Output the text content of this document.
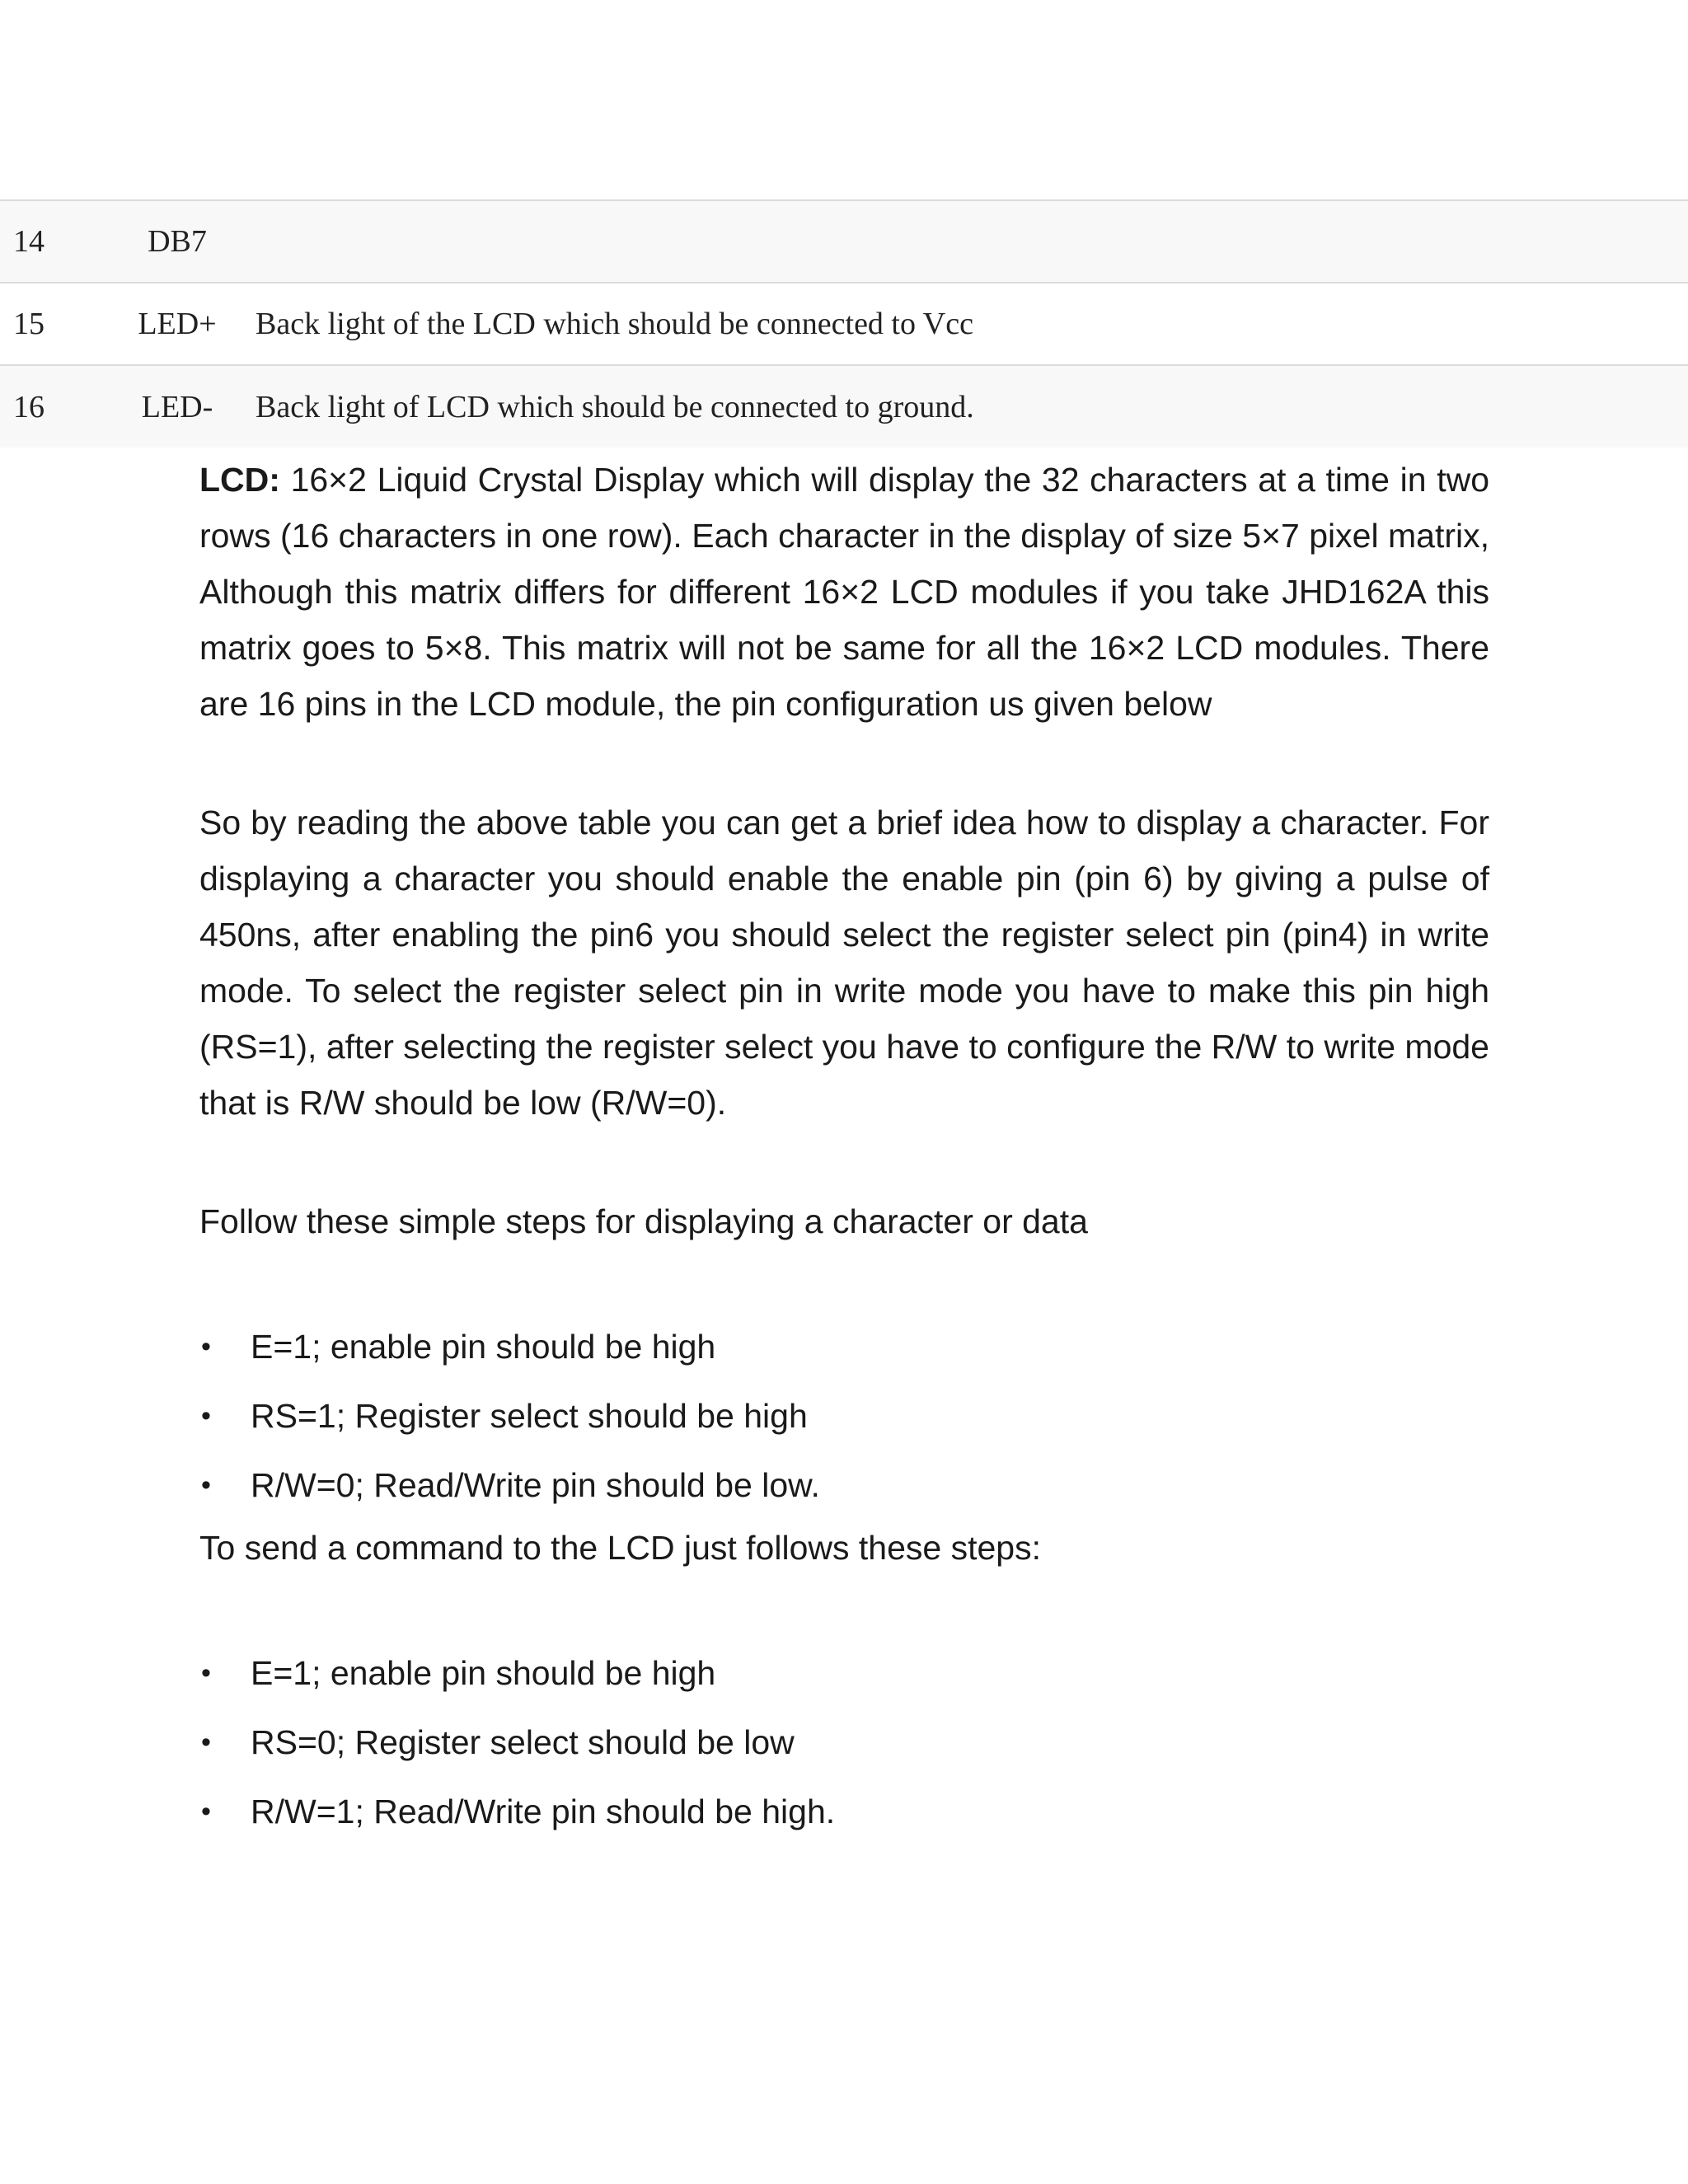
14	DB7	
15	LED+	Back light of the LCD which should be connected to Vcc
16	LED-	Back light of LCD which should be connected to ground.

LCD: 16×2 Liquid Crystal Display which will display the 32 characters at a time in two rows (16 characters in one row). Each character in the display of size 5×7 pixel matrix, Although this matrix differs for different 16×2 LCD modules if you take JHD162A this matrix goes to 5×8. This matrix will not be same for all the 16×2 LCD modules. There are 16 pins in the LCD module, the pin configuration us given below

So by reading the above table you can get a brief idea how to display a character. For displaying a character you should enable the enable pin (pin 6) by giving a pulse of 450ns, after enabling the pin6 you should select the register select pin (pin4) in write mode. To select the register select pin in write mode you have to make this pin high (RS=1), after selecting the register select you have to configure the R/W to write mode that is R/W should be low (R/W=0).

Follow these simple steps for displaying a character or data

• E=1; enable pin should be high
• RS=1; Register select should be high
• R/W=0; Read/Write pin should be low.

To send a command to the LCD just follows these steps:

• E=1; enable pin should be high
• RS=0; Register select should be low
• R/W=1; Read/Write pin should be high.
